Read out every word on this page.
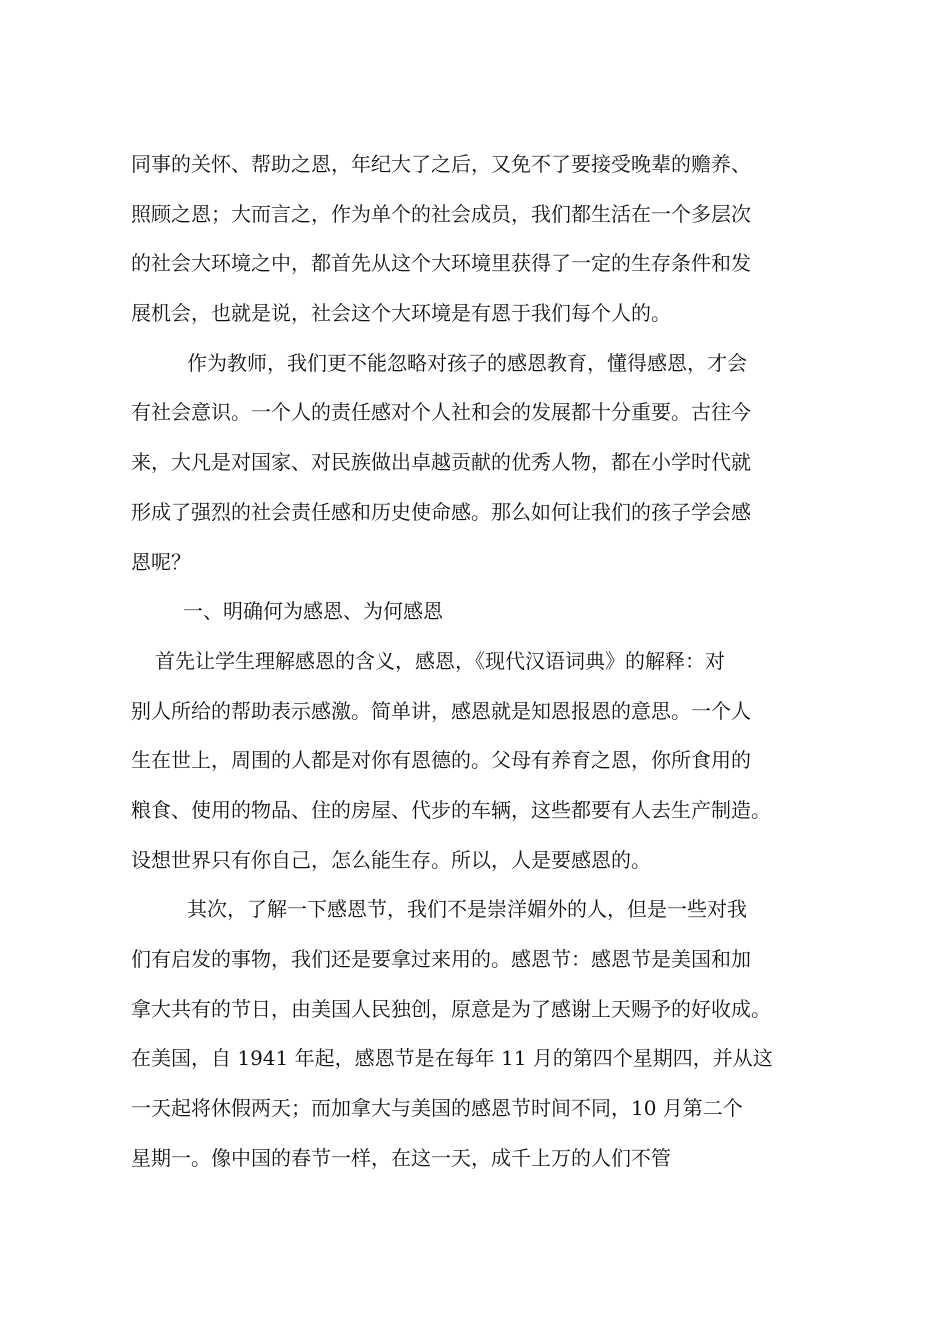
同事的关怀、帮助之恩，年纪大了之后，又免不了要接受晚辈的赡养、
照顾之恩；大而言之，作为单个的社会成员，我们都生活在一个多层次
的社会大环境之中，都首先从这个大环境里获得了一定的生存条件和发
展机会，也就是说，社会这个大环境是有恩于我们每个人的。
作为教师，我们更不能忽略对孩子的感恩教育，懂得感恩，才会
有社会意识。一个人的责任感对个人社和会的发展都十分重要。古往今
来，大凡是对国家、对民族做出卓越贡献的优秀人物，都在小学时代就
形成了强烈的社会责任感和历史使命感。那么如何让我们的孩子学会感
恩呢？
一、明确何为感恩、为何感恩
首先让学生理解感恩的含义，感恩，《现代汉语词典》的解释：对
别人所给的帮助表示感激。简单讲，感恩就是知恩报恩的意思。一个人
生在世上，周围的人都是对你有恩德的。父母有养育之恩，你所食用的
粮食、使用的物品、住的房屋、代步的车辆，这些都要有人去生产制造。
设想世界只有你自己，怎么能生存。所以，人是要感恩的。
其次，了解一下感恩节，我们不是崇洋媚外的人，但是一些对我
们有启发的事物，我们还是要拿过来用的。感恩节：感恩节是美国和加
拿大共有的节日，由美国人民独创，原意是为了感谢上天赐予的好收成。
在美国，自 1941 年起，感恩节是在每年 11 月的第四个星期四，并从这
一天起将休假两天；而加拿大与美国的感恩节时间不同，10 月第二个
星期一。像中国的春节一样，在这一天，成千上万的人们不管
